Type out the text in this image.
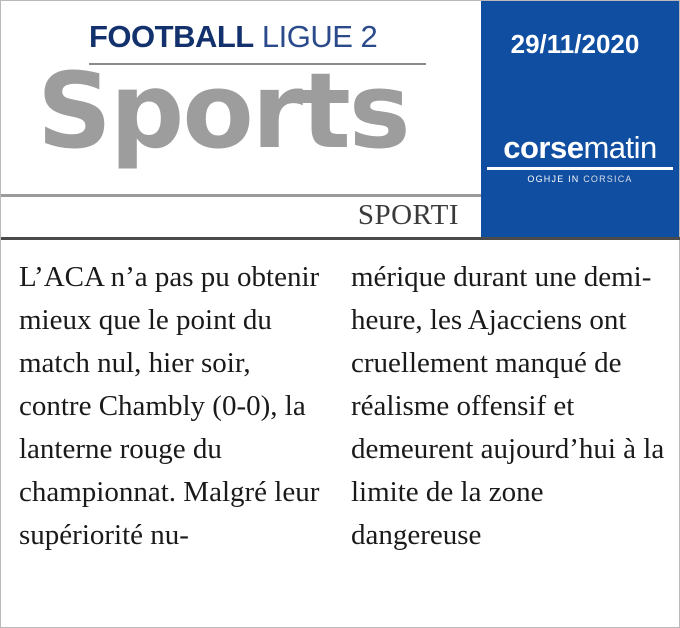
FOOTBALL LIGUE 2
Sports
SPORTI
29/11/2020
corsematin
OGHJE IN CORSICA

L’ACA n’a pas pu obtenir mieux que le point du match nul, hier soir, contre Chambly (0-0), la lanterne rouge du championnat. Malgré leur supériorité nu-

mérique durant une demi-heure, les Ajacciens ont cruellement manqué de réalisme offensif et demeurent aujourd’hui à la limite de la zone dangereuse
